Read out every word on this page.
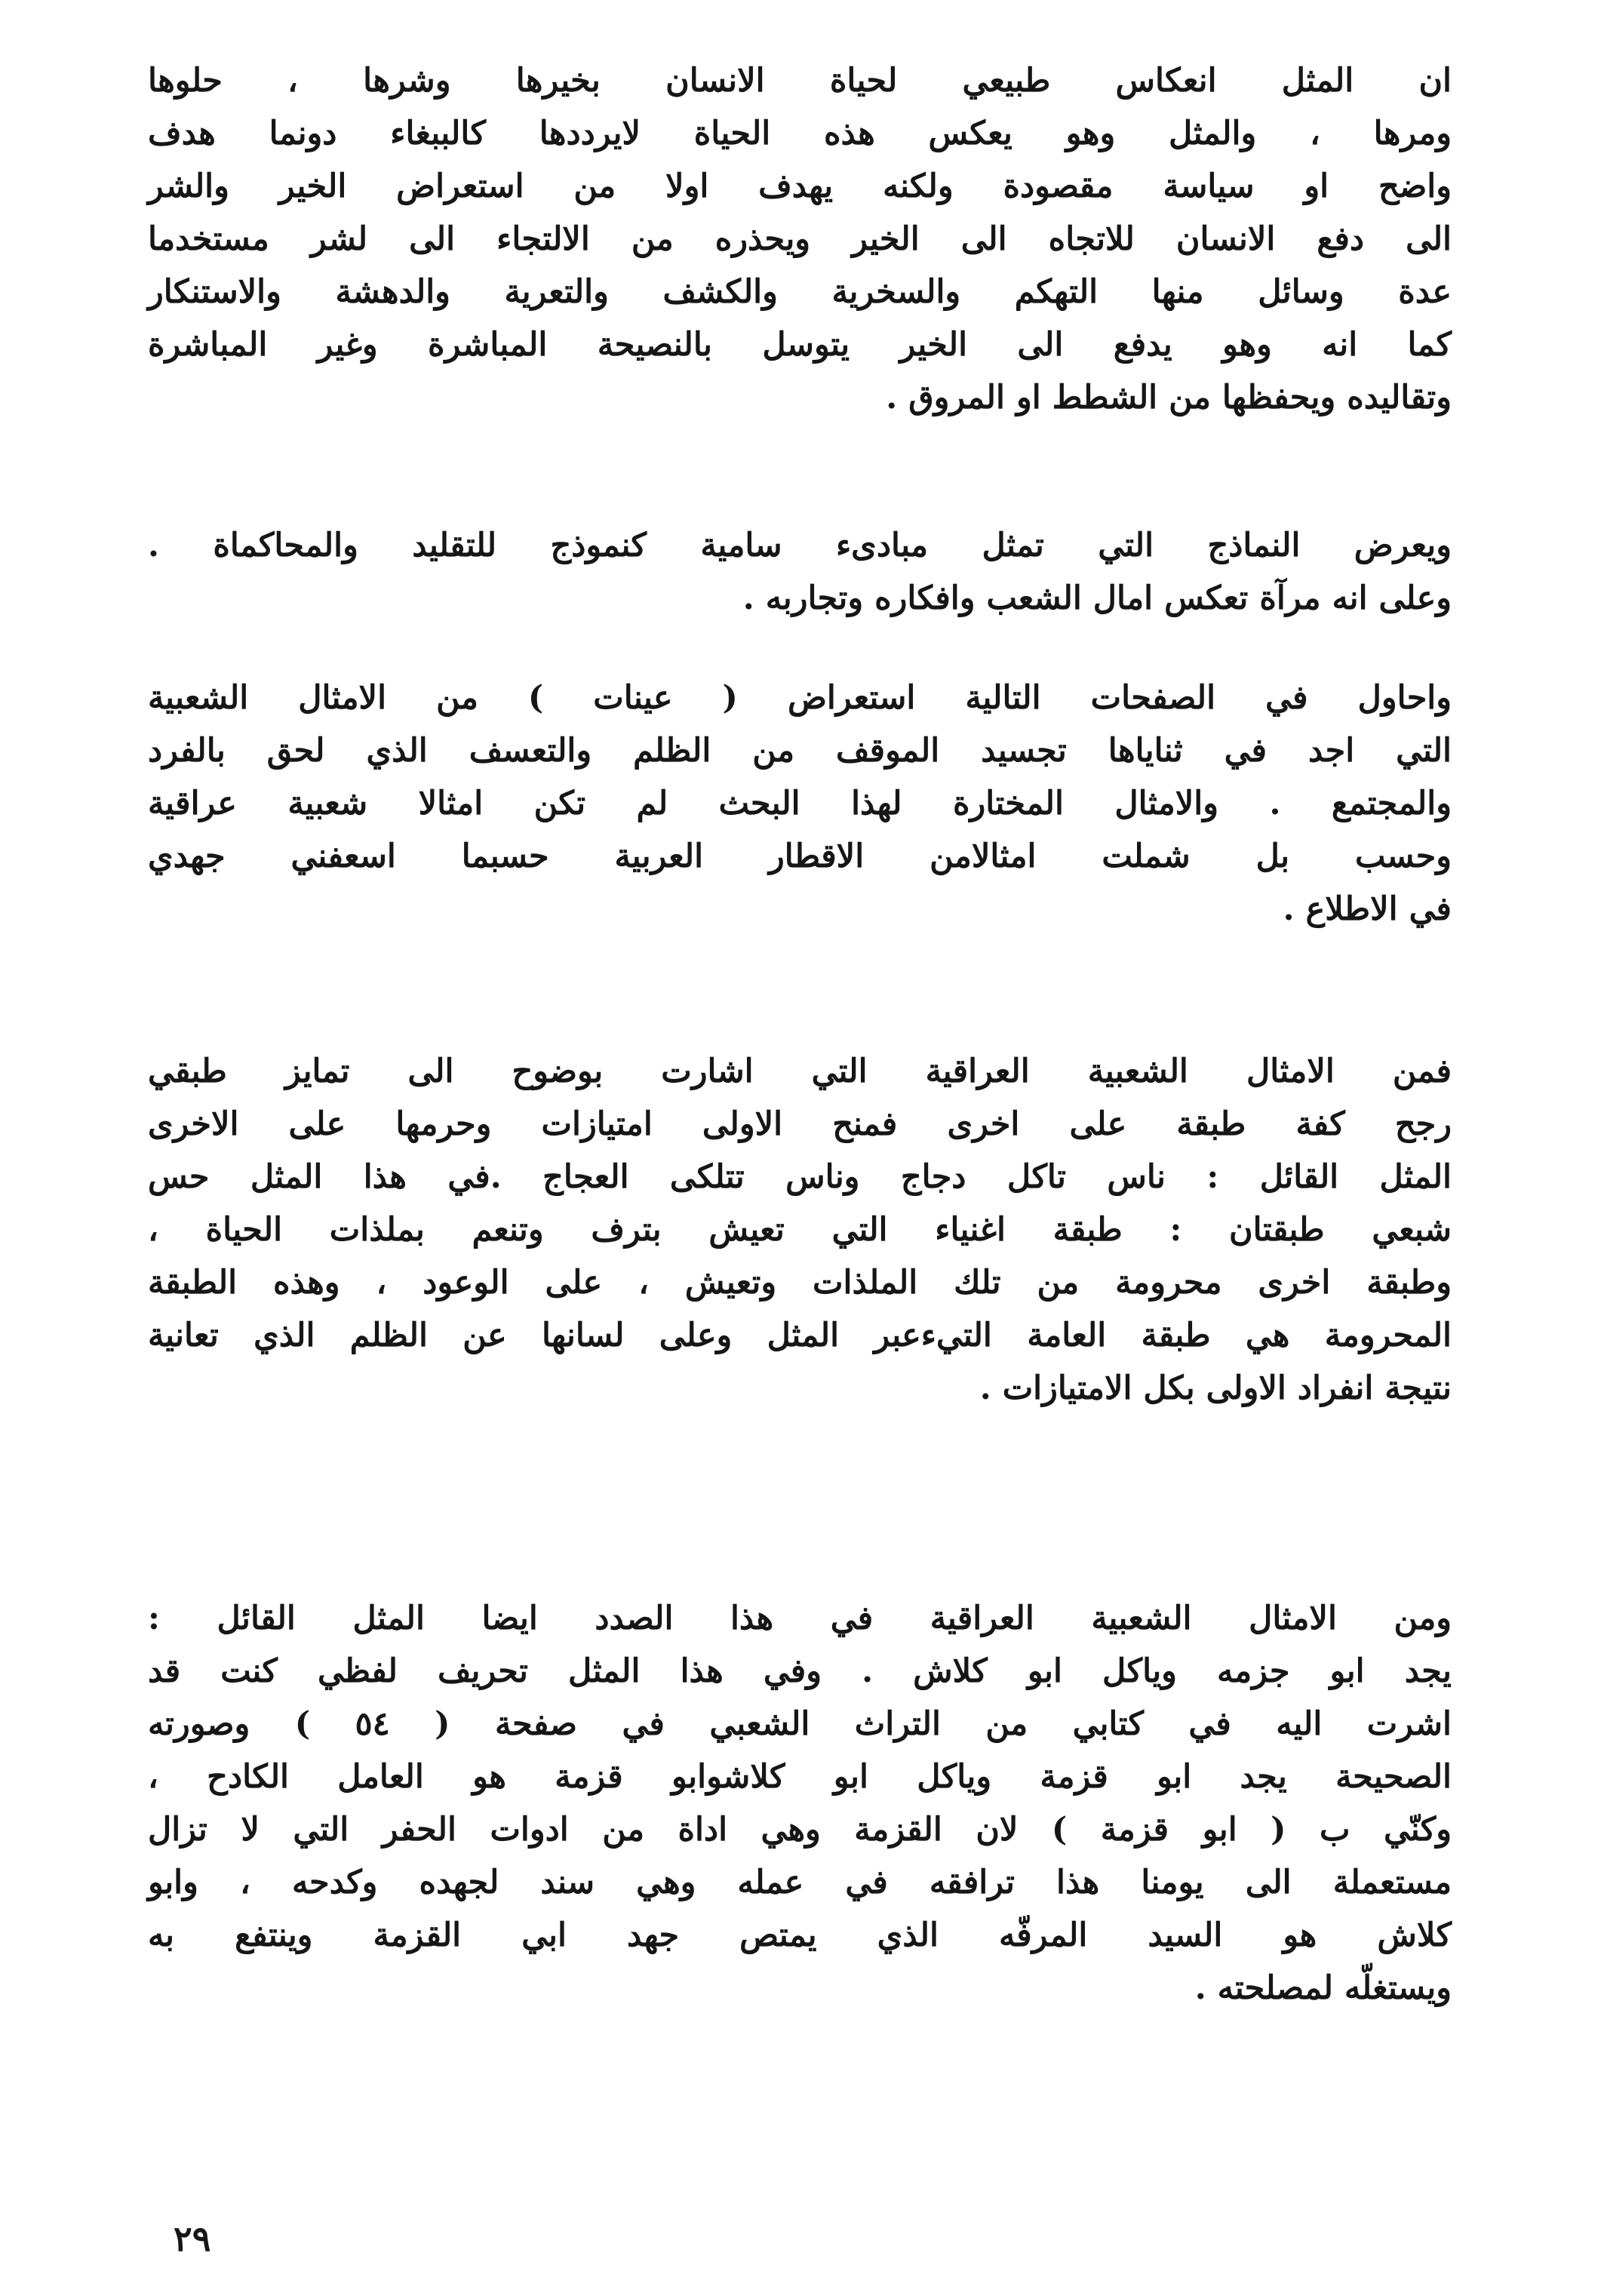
ان المثل انعكاس طبيعي لحياة الانسان بخيرها وشرها ، حلوها
ومرها ، والمثل وهو يعكس هذه الحياة لايرددها كالببغاء دونما هدف
واضح او سياسة مقصودة ولكنه يهدف اولا من استعراض الخير والشر
الى دفع الانسان للاتجاه الى الخير ويحذره من الالتجاء الى لشر مستخدما
عدة وسائل منها التهكم والسخرية والكشف والتعرية والدهشة والاستنكار
كما انه وهو يدفع الى الخير يتوسل بالنصيحة المباشرة وغير المباشرة
وتقاليده ويحفظها من الشطط او المروق .
ويعرض النماذج التي تمثل مبادىء سامية كنموذج للتقليد والمحاكماة .
وعلى انه مرآة تعكس امال الشعب وافكاره وتجاربه .
واحاول في الصفحات التالية استعراض ( عينات ) من الامثال الشعبية
التي اجد في ثناياها تجسيد الموقف من الظلم والتعسف الذي لحق بالفرد
والمجتمع . والامثال المختارة لهذا البحث لم تكن امثالا شعبية عراقية
وحسب بل شملت امثالامن الاقطار العربية حسبما اسعفني جهدي
في الاطلاع .
فمن الامثال الشعبية العراقية التي اشارت بوضوح الى تمايز طبقي
رجح كفة طبقة على اخرى فمنح الاولى امتيازات وحرمها على الاخرى
المثل القائل : ناس تاكل دجاج وناس تتلكى العجاج .في هذا المثل حس
شبعي طبقتان : طبقة اغنياء التي تعيش بترف وتنعم بملذات الحياة ،
وطبقة اخرى محرومة من تلك الملذات وتعيش ، على الوعود ، وهذه الطبقة
المحرومة هي طبقة العامة التيءعبر المثل وعلى لسانها عن الظلم الذي تعانية
نتيجة انفراد الاولى بكل الامتيازات .
ومن الامثال الشعبية العراقية في هذا الصدد ايضا المثل القائل :
يجد ابو جزمه وياكل ابو كلاش . وفي هذا المثل تحريف لفظي كنت قد
اشرت اليه في كتابي من التراث الشعبي في صفحة ( ٥٤ ) وصورته
الصحيحة يجد ابو قزمة وياكل ابو كلاشوابو قزمة هو العامل الكادح ،
وكنّي ب ( ابو قزمة ) لان القزمة وهي اداة من ادوات الحفر التي لا تزال
مستعملة الى يومنا هذا ترافقه في عمله وهي سند لجهده وكدحه ، وابو
كلاش هو السيد المرفّه الذي يمتص جهد ابي القزمة وينتفع به
ويستغلّه لمصلحته .
٢٩
